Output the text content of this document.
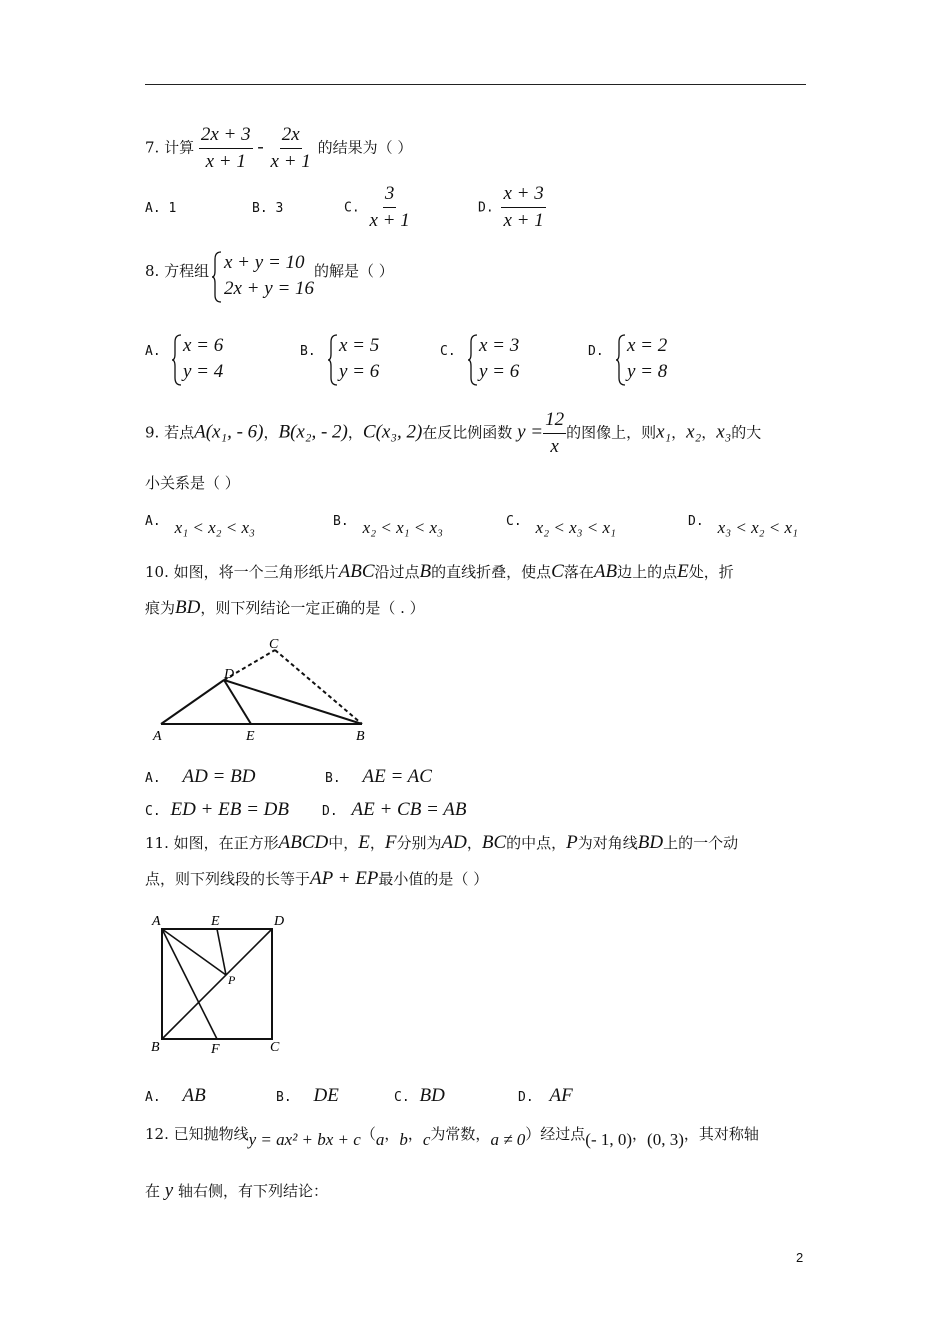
7. 计算 $\frac{2x + 3}{x + 1} - \frac{2x}{x + 1}$ 的结果为（ ）
A. 1	B. 3	C. $\frac{3}{x + 1}$	D. $\frac{x + 3}{x + 1}$
8. 方程组 x + y = 10
2x + y = 16
的解是（ ）
A. x = 6
y = 4
B. x = 5
y = 6
C. x = 3
y = 6
D. x = 2
y = 8
9. 若点A(x₁, - 6)，B(x₂, - 2)，C(x₃, 2)在反比例函数 $y = \frac{12}{x}$ 的图像上，则x₁，x₂，x₃的大
小关系是（ ）
A. x₁ < x₂ < x₃	B. x₂ < x₁ < x₃	C. x₂ < x₃ < x₁	D. x₃ < x₂ < x₁
10. 如图，将一个三角形纸片ABC沿过点B的直线折叠，使点C落在AB边上的点E处，折
痕为BD，则下列结论一定正确的是（ . ）
A	E	B
D
C
A. AD = BD	B. AE = AC
C. ED + EB = DB	D. AE + CB = AB
11. 如图，在正方形ABCD中，E，F分别为AD，BC的中点，P为对角线BD上的一个动
点，则下列线段的长等于AP + EP最小值的是（ ）
A	E	D
P
B	F	C
A. AB	B. DE	C. BD	D. AF
12. 已知抛物线y = ax² + bx + c（a，b，c为常数，a ≠ 0）经过点(- 1, 0)，(0, 3)，其对称轴
在 y 轴右侧，有下列结论：
2
